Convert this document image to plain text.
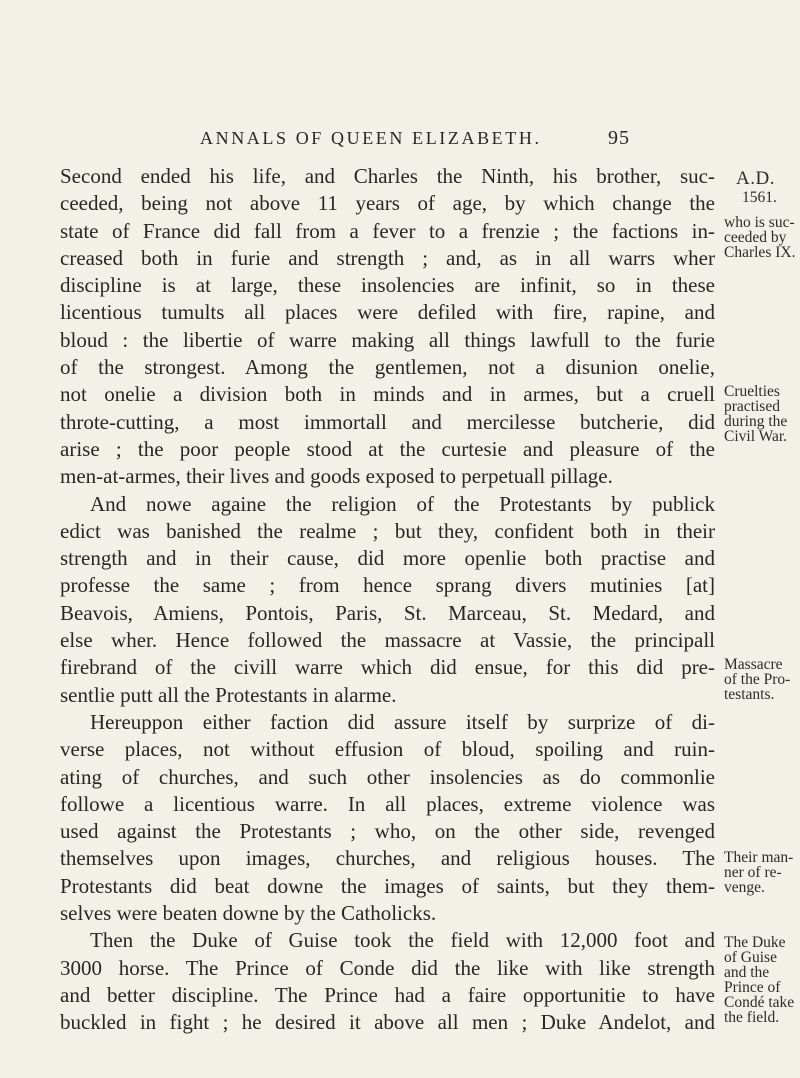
ANNALS OF QUEEN ELIZABETH.	95
Second ended his life, and Charles the Ninth, his brother, suc-
ceeded, being not above 11 years of age, by which change the
state of France did fall from a fever to a frenzie ; the factions in-
creased both in furie and strength ; and, as in all warrs wher
discipline is at large, these insolencies are infinit, so in these
licentious tumults all places were defiled with fire, rapine, and
bloud : the libertie of warre making all things lawfull to the furie
of the strongest. Among the gentlemen, not a disunion onelie,
not onelie a division both in minds and in armes, but a cruell
throte-cutting, a most immortall and mercilesse butcherie, did
arise ; the poor people stood at the curtesie and pleasure of the
men-at-armes, their lives and goods exposed to perpetuall pillage.
And nowe againe the religion of the Protestants by publick
edict was banished the realme ; but they, confident both in their
strength and in their cause, did more openlie both practise and
professe the same ; from hence sprang divers mutinies [at]
Beavois, Amiens, Pontois, Paris, St. Marceau, St. Medard, and
else wher. Hence followed the massacre at Vassie, the principall
firebrand of the civill warre which did ensue, for this did pre-
sentlie putt all the Protestants in alarme.
Hereuppon either faction did assure itself by surprize of di-
verse places, not without effusion of bloud, spoiling and ruin-
ating of churches, and such other insolencies as do commonlie
followe a licentious warre. In all places, extreme violence was
used against the Protestants ; who, on the other side, revenged
themselves upon images, churches, and religious houses. The
Protestants did beat downe the images of saints, but they them-
selves were beaten downe by the Catholicks.
Then the Duke of Guise took the field with 12,000 foot and
3000 horse. The Prince of Conde did the like with like strength
and better discipline. The Prince had a faire opportunitie to have
buckled in fight ; he desired it above all men ; Duke Andelot, and
A.D.
1561.
who is suc-
ceeded by
Charles IX.
Cruelties
practised
during the
Civil War.
Massacre
of the Pro-
testants.
Their man-
ner of re-
venge.
The Duke
of Guise
and the
Prince of
Condé take
the field.
